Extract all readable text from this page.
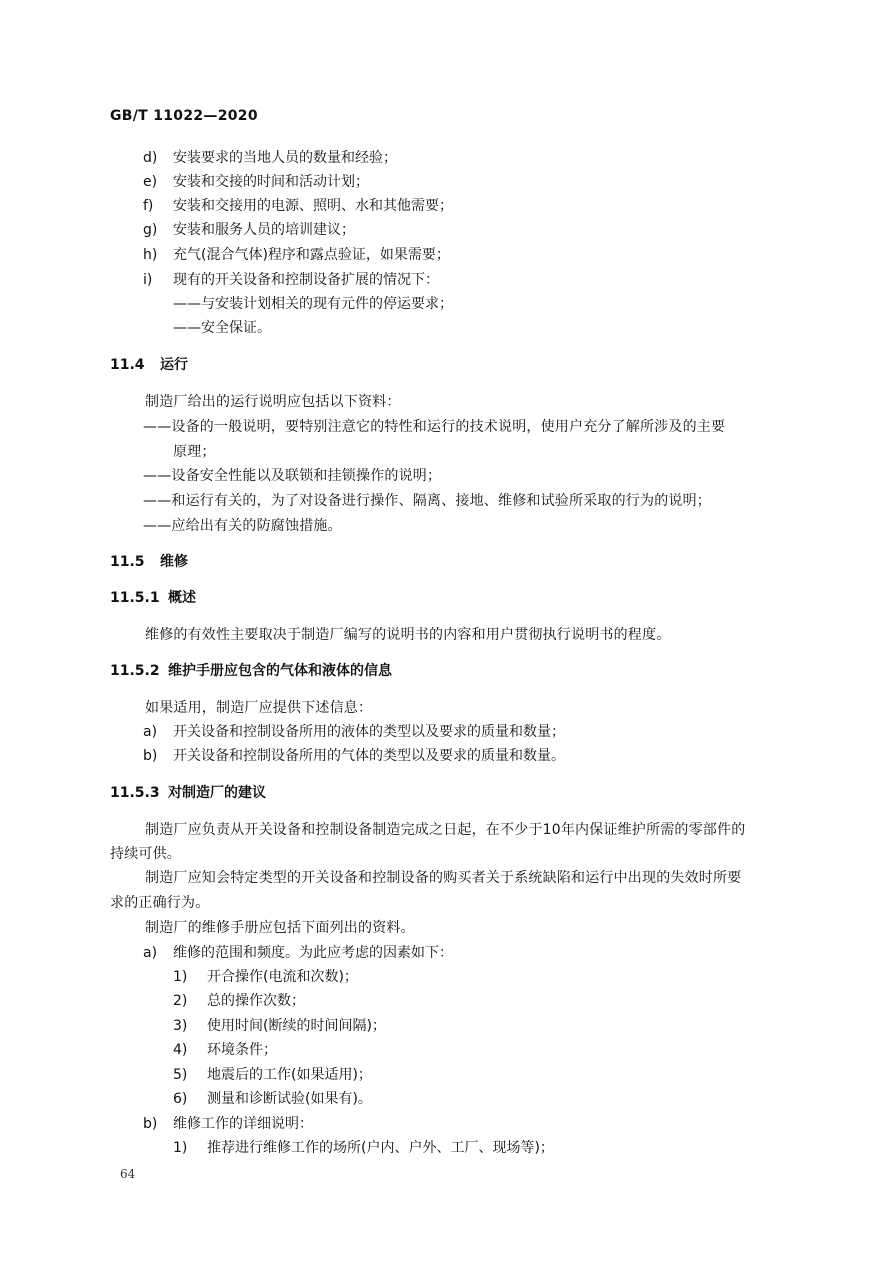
GB/T 11022—2020
d) 安装要求的当地人员的数量和经验；
e) 安装和交接的时间和活动计划；
f) 安装和交接用的电源、照明、水和其他需要；
g) 安装和服务人员的培训建议；
h) 充气(混合气体)程序和露点验证，如果需要；
i) 现有的开关设备和控制设备扩展的情况下：
——与安装计划相关的现有元件的停运要求；
——安全保证。
11.4 运行
制造厂给出的运行说明应包括以下资料：
——设备的一般说明，要特别注意它的特性和运行的技术说明，使用户充分了解所涉及的主要
原理；
——设备安全性能以及联锁和挂锁操作的说明；
——和运行有关的，为了对设备进行操作、隔离、接地、维修和试验所采取的行为的说明；
——应给出有关的防腐蚀措施。
11.5 维修
11.5.1 概述
维修的有效性主要取决于制造厂编写的说明书的内容和用户贯彻执行说明书的程度。
11.5.2 维护手册应包含的气体和液体的信息
如果适用，制造厂应提供下述信息：
a) 开关设备和控制设备所用的液体的类型以及要求的质量和数量；
b) 开关设备和控制设备所用的气体的类型以及要求的质量和数量。
11.5.3 对制造厂的建议
制造厂应负责从开关设备和控制设备制造完成之日起，在不少于10年内保证维护所需的零部件的
持续可供。
制造厂应知会特定类型的开关设备和控制设备的购买者关于系统缺陷和运行中出现的失效时所要
求的正确行为。
制造厂的维修手册应包括下面列出的资料。
a) 维修的范围和频度。为此应考虑的因素如下：
1) 开合操作(电流和次数)；
2) 总的操作次数；
3) 使用时间(断续的时间间隔)；
4) 环境条件；
5) 地震后的工作(如果适用)；
6) 测量和诊断试验(如果有)。
b) 维修工作的详细说明：
1) 推荐进行维修工作的场所(户内、户外、工厂、现场等)；
64
